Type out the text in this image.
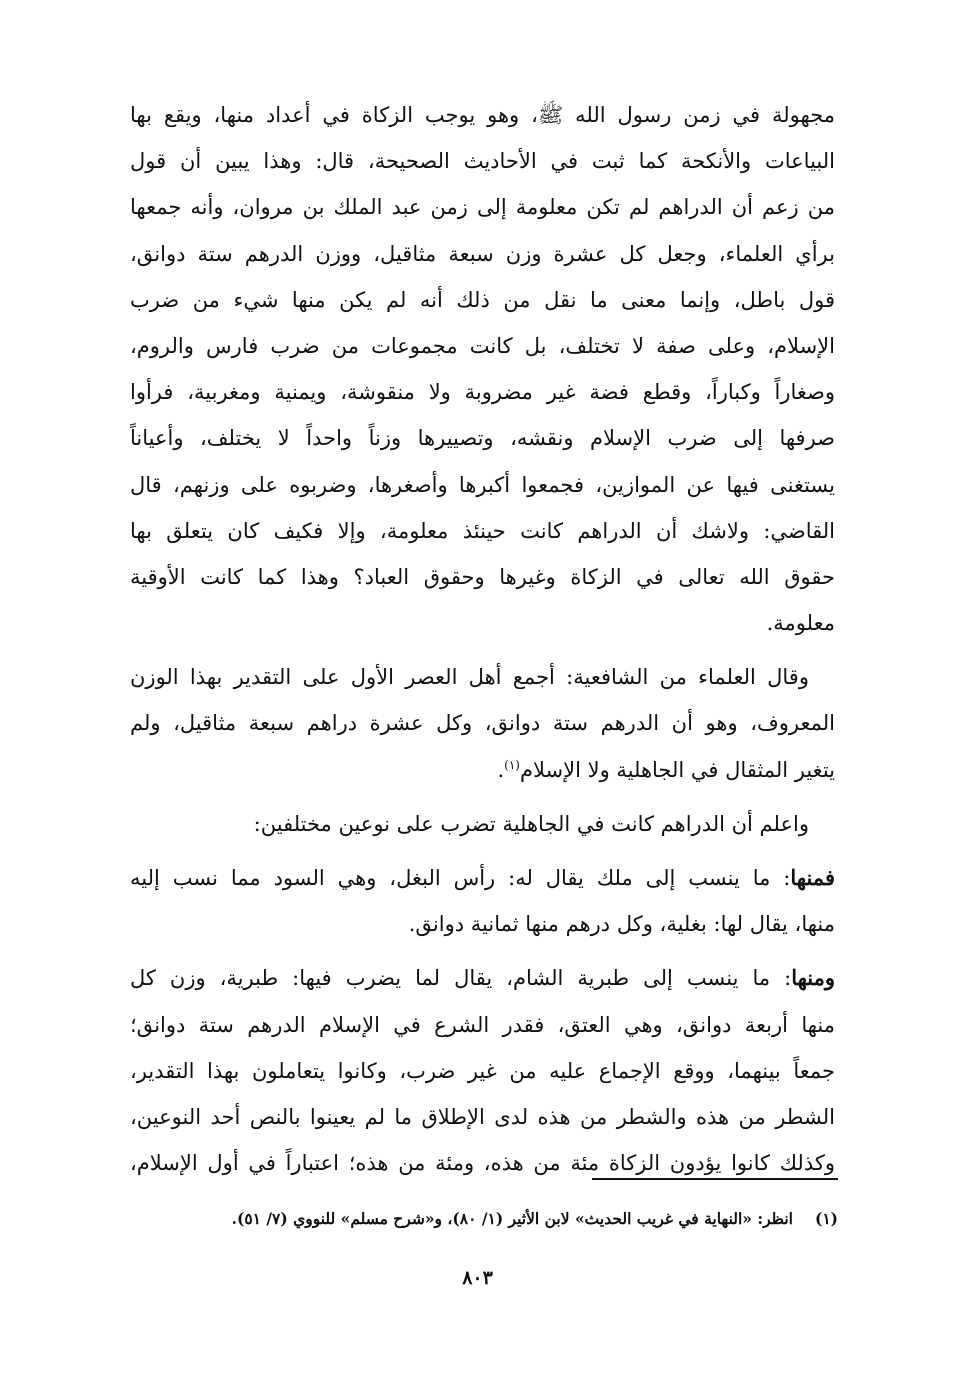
مجهولة في زمن رسول الله ﷺ، وهو يوجب الزكاة في أعداد منها، ويقع بها
البياعات والأنكحة كما ثبت في الأحاديث الصحيحة، قال: وهذا يبين أن قول
من زعم أن الدراهم لم تكن معلومة إلى زمن عبد الملك بن مروان، وأنه جمعها
برأي العلماء، وجعل كل عشرة وزن سبعة مثاقيل، ووزن الدرهم ستة دوانق،
قول باطل، وإنما معنى ما نقل من ذلك أنه لم يكن منها شيء من ضرب
الإسلام، وعلى صفة لا تختلف، بل كانت مجموعات من ضرب فارس والروم،
وصغاراً وكباراً، وقطع فضة غير مضروبة ولا منقوشة، ويمنية ومغربية، فرأوا
صرفها إلى ضرب الإسلام ونقشه، وتصييرها وزناً واحداً لا يختلف، وأعياناً
يستغنى فيها عن الموازين، فجمعوا أكبرها وأصغرها، وضربوه على وزنهم، قال
القاضي: ولاشك أن الدراهم كانت حينئذ معلومة، وإلا فكيف كان يتعلق بها
حقوق الله تعالى في الزكاة وغيرها وحقوق العباد؟ وهذا كما كانت الأوقية
معلومة.
وقال العلماء من الشافعية: أجمع أهل العصر الأول على التقدير بهذا الوزن
المعروف، وهو أن الدرهم ستة دوانق، وكل عشرة دراهم سبعة مثاقيل، ولم
يتغير المثقال في الجاهلية ولا الإسلام$^{(١)}$.
واعلم أن الدراهم كانت في الجاهلية تضرب على نوعين مختلفين:
فمنها: ما ينسب إلى ملك يقال له: رأس البغل، وهي السود مما نسب إليه
منها، يقال لها: بغلية، وكل درهم منها ثمانية دوانق.
ومنها: ما ينسب إلى طبرية الشام، يقال لما يضرب فيها: طبرية، وزن كل
منها أربعة دوانق، وهي العتق، فقدر الشرع في الإسلام الدرهم ستة دوانق؛
جمعاً بينهما، ووقع الإجماع عليه من غير ضرب، وكانوا يتعاملون بهذا التقدير،
الشطر من هذه والشطر من هذه لدى الإطلاق ما لم يعينوا بالنص أحد النوعين،
وكذلك كانوا يؤدون الزكاة مئة من هذه، ومئة من هذه؛ اعتباراً في أول الإسلام،
(١)انظر: «النهاية في غريب الحديث» لابن الأثير (١/ ٨٠)، و«شرح مسلم» للنووي (٧/ ٥١).
٨٠٣
